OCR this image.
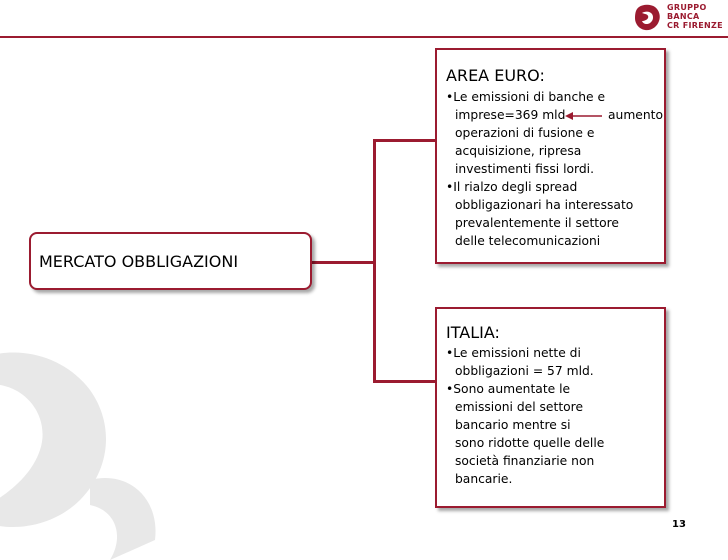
GRUPPO
BANCA
CR FIRENZE
MERCATO OBBLIGAZIONI
AREA EURO:
•Le emissioni di banche e
imprese=369 mld	aumento
operazioni di fusione e
acquisizione, ripresa
investimenti fissi lordi.
•Il rialzo degli spread
obbligazionari ha interessato
prevalentemente il settore
delle telecomunicazioni
ITALIA:
•Le emissioni nette di
obbligazioni = 57 mld.
•Sono aumentate le
emissioni del settore
bancario mentre si
sono ridotte quelle delle
società finanziarie non
bancarie.
13
